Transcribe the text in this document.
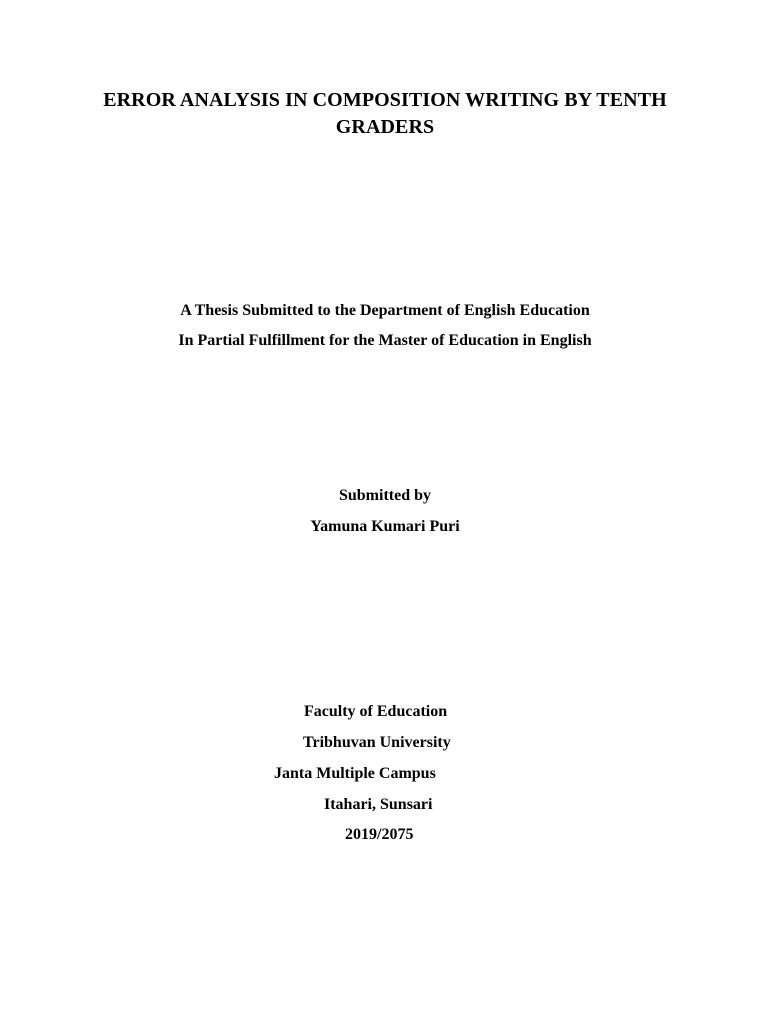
ERROR ANALYSIS IN COMPOSITION WRITING BY TENTH
GRADERS
A Thesis Submitted to the Department of English Education
In Partial Fulfillment for the Master of Education in English
Submitted by
Yamuna Kumari Puri
Faculty of Education
Tribhuvan University
Janta Multiple Campus
Itahari, Sunsari
2019/2075
